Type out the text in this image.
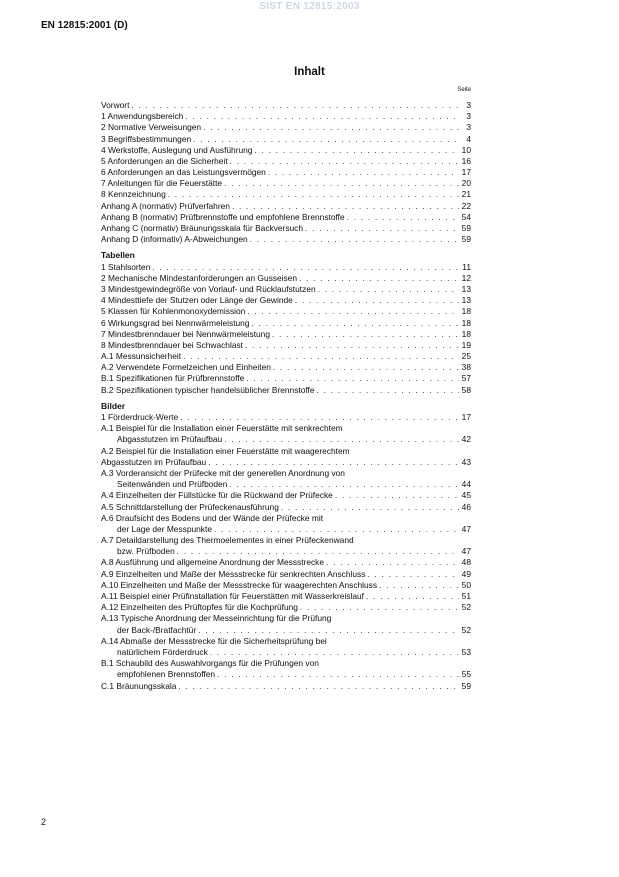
SIST EN 12815:2003
EN 12815:2001 (D)
Inhalt
Seite
Vorwort . . .	3
1 Anwendungsbereich . . .	3
2 Normative Verweisungen . . .	3
3 Begriffsbestimmungen . . .	4
4 Werkstoffe, Auslegung und Ausführung . . .	10
5 Anforderungen an die Sicherheit . . .	16
6 Anforderungen an das Leistungsvermögen . . .	17
7 Anleitungen für die Feuerstätte . . .	20
8 Kennzeichnung . . .	21
Anhang A (normativ) Prüfverfahren . . .	22
Anhang B (normativ) Prüfbrennstoffe und empfohlene Brennstoffe . . .	54
Anhang C (normativ) Bräunungsskala für Backversuch . . .	59
Anhang D (informativ) A-Abweichungen . . .	59
Tabellen
1 Stahlsorten . . .	11
2 Mechanische Mindestanforderungen an Gusseisen . . .	12
3 Mindestgewindegröße von Vorlauf- und Rücklaufstutzen . . .	13
4 Mindesttiefe der Stutzen oder Länge der Gewinde . . .	13
5 Klassen für Kohlenmonoxydemission . . .	18
6 Wirkungsgrad bei Nennwärmeleistung . . .	18
7 Mindestbrenndauer bei Nennwärmeleistung . . .	18
8 Mindestbrenndauer bei Schwachlast . . .	19
A.1 Messunsicherheit . . .	25
A.2 Verwendete Formelzeichen und Einheiten . . .	38
B.1 Spezifikationen für Prüfbrennstoffe . . .	57
B.2 Spezifikationen typischer handelsüblicher Brennstoffe . . .	58
Bilder
1 Förderdruck-Werte . . .	17
A.1 Beispiel für die Installation einer Feuerstätte mit senkrechtem
Abgasstutzen im Prüfaufbau . . .	42
A.2 Beispiel für die Installation einer Feuerstätte mit waagerechtem
Abgasstutzen im Prüfaufbau . . .	43
A.3 Vorderansicht der Prüfecke mit der generellen Anordnung von
Seitenwänden und Prüfboden . . .	44
A.4 Einzelheiten der Füllstücke für die Rückwand der Prüfecke . . .	45
A.5 Schnittdarstellung der Prüfeckenausführung . . .	46
A.6 Draufsicht des Bodens und der Wände der Prüfecke mit
der Lage der Messpunkte . . .	47
A.7 Detaildarstellung des Thermoelementes in einer Prüfeckenwand
bzw. Prüfboden . . .	47
A.8 Ausführung und allgemeine Anordnung der Messstrecke . . .	48
A.9 Einzelheiten und Maße der Messstrecke für senkrechten Anschluss . . .	49
A.10 Einzelheiten und Maße der Messstrecke für waagerechten Anschluss . . .	50
A.11 Beispiel einer Prüfinstallation für Feuerstätten mit Wasserkreislauf . . .	51
A.12 Einzelheiten des Prüftopfes für die Kochprüfung . . .	52
A.13 Typische Anordnung der Messeinrichtung für die Prüfung
der Back-/Bratfachtür . . .	52
A.14 Abmaße der Messstrecke für die Sicherheitsprüfung bei
natürlichem Förderdruck . . .	53
B.1 Schaubild des Auswahlvorgangs für die Prüfungen von
empfohlenen Brennstoffen . . .	55
C.1 Bräunungsskala . . .	59
2
